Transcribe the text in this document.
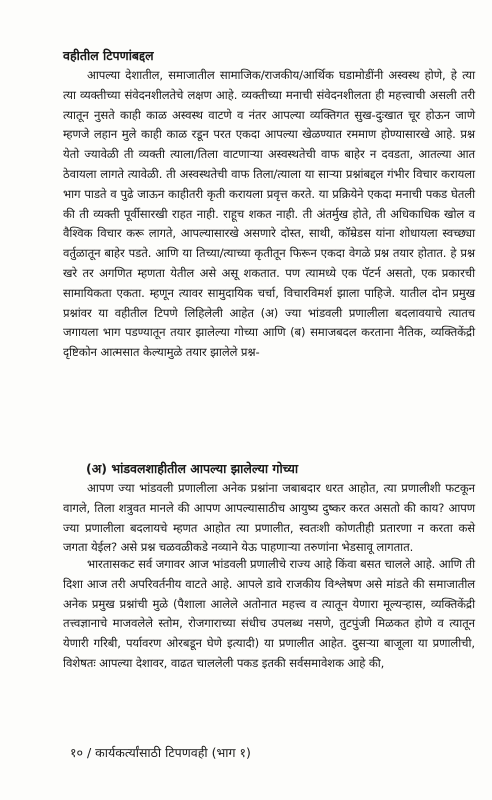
वहीतील टिपणांबद्दल

आपल्या देशातील, समाजातील सामाजिक/राजकीय/आर्थिक घडामोडींनी अस्वस्थ होणे, हे त्या त्या व्यक्तीच्या संवेदनशीलतेचे लक्षण आहे. व्यक्तीच्या मनाची संवेदनशीलता ही महत्त्वाची असली तरी त्यातून नुसते काही काळ अस्वस्थ वाटणे व नंतर आपल्या व्यक्तिगत सुख-दुःखात चूर होऊन जाणे म्हणजे लहान मुले काही काळ रडून परत एकदा आपल्या खेळण्यात रममाण होण्यासारखे आहे. प्रश्न येतो ज्यावेळी ती व्यक्ती त्याला/तिला वाटणाऱ्या अस्वस्थतेची वाफ बाहेर न दवडता, आतल्या आत ठेवायला लागते त्यावेळी. ती अस्वस्थतेची वाफ तिला/त्याला या साऱ्या प्रश्नांबद्दल गंभीर विचार करायला भाग पाडते व पुढे जाऊन काहीतरी कृती करायला प्रवृत्त करते. या प्रक्रियेने एकदा मनाची पकड घेतली की ती व्यक्ती पूर्वीसारखी राहत नाही. राहूच शकत नाही. ती अंतर्मुख होते, ती अधिकाधिक खोल व वैश्विक विचार करू लागते, आपल्यासारखे असणारे दोस्त, साथी, कॉम्रेडस यांना शोधायला स्वच्छ्या वर्तुळातून बाहेर पडते. आणि या तिच्या/त्याच्या कृतीतून फिरून एकदा वेगळे प्रश्न तयार होतात. हे प्रश्न खरे तर अगणित म्हणता येतील असे असू शकतात. पण त्यामध्ये एक पॅटर्न असतो, एक प्रकारची सामायिकता एकता. म्हणून त्यावर सामुदायिक चर्चा, विचारविमर्श झाला पाहिजे. यातील दोन प्रमुख प्रश्नांवर या वहीतील टिपणे लिहिलेली आहेत (अ) ज्या भांडवली प्रणालीला बदलावयाचे त्यातच जगायला भाग पडण्यातून तयार झालेल्या गोच्या आणि (ब) समाजबदल करताना नैतिक, व्यक्तिकेंद्री दृष्टिकोन आत्मसात केल्यामुळे तयार झालेले प्रश्न-

(अ) भांडवलशाहीतील आपल्या झालेल्या गोच्या

आपण ज्या भांडवली प्रणालीला अनेक प्रश्नांना जबाबदार धरत आहोत, त्या प्रणालीशी फटकून वागले, तिला शत्रुवत मानले की आपण आपल्यासाठीच आयुष्य दुष्कर करत असतो की काय? आपण ज्या प्रणालीला बदलायचे म्हणत आहोत त्या प्रणालीत, स्वतःशी कोणतीही प्रतारणा न करता कसे जगता येईल? असे प्रश्न चळवळीकडे नव्याने येऊ पाहणाऱ्या तरुणांना भेडसावू लागतात.

भारतासकट सर्व जगावर आज भांडवली प्रणालीचे राज्य आहे किंवा बसत चालले आहे. आणि ती दिशा आज तरी अपरिवर्तनीय वाटते आहे. आपले डावे राजकीय विश्लेषण असे मांडते की समाजातील अनेक प्रमुख प्रश्नांची मुळे (पैशाला आलेले अतोनात महत्त्व व त्यातून येणारा मूल्यऱ्हास, व्यक्तिकेंद्री तत्त्वज्ञानाचे माजवलेले स्तोम, रोजगाराच्या संधीच उपलब्ध नसणे, तुटपुंजी मिळकत होणे व त्यातून येणारी गरिबी, पर्यावरण ओरबडून घेणे इत्यादी) या प्रणालीत आहेत. दुसऱ्या बाजूला या प्रणालीची, विशेषतः आपल्या देशावर, वाढत चाललेली पकड इतकी सर्वसमावेशक आहे की,

१० / कार्यकर्त्यांसाठी टिपणवही (भाग १)
